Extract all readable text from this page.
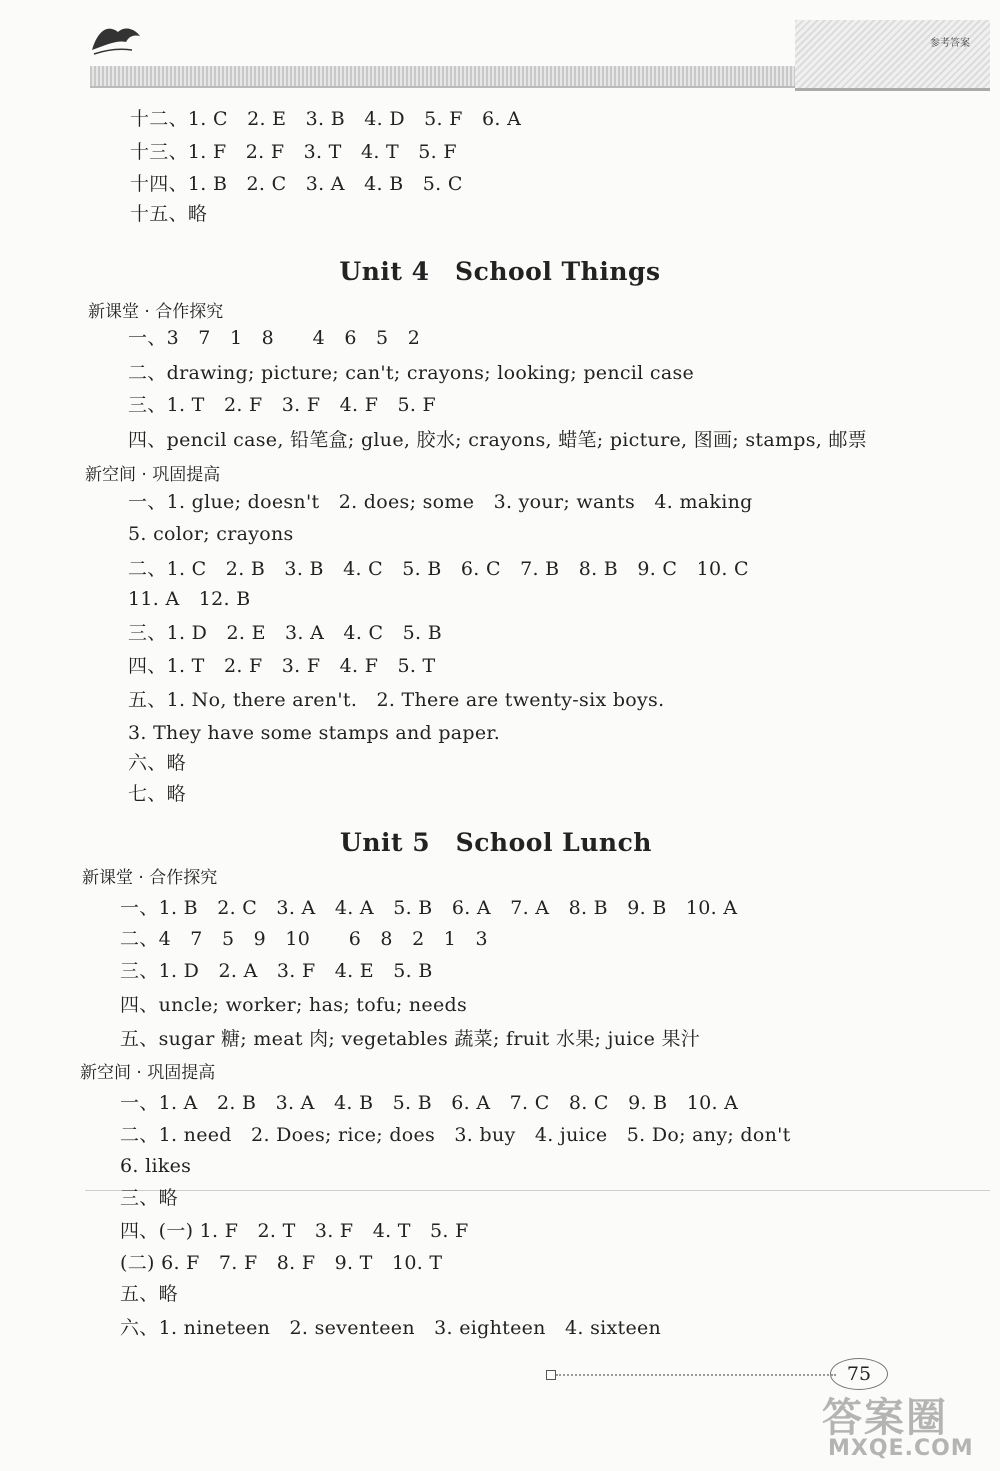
参考答案
十二、1. C　2. E　3. B　4. D　5. F　6. A
十三、1. F　2. F　3. T　4. T　5. F
十四、1. B　2. C　3. A　4. B　5. C
十五、略
Unit 4　School Things
新课堂 · 合作探究
一、3　7　1　8　　4　6　5　2
二、drawing; picture; can't; crayons; looking; pencil case
三、1. T　2. F　3. F　4. F　5. F
四、pencil case, 铅笔盒; glue, 胶水; crayons, 蜡笔; picture, 图画; stamps, 邮票
新空间 · 巩固提高
一、1. glue; doesn't　2. does; some　3. your; wants　4. making
5. color; crayons
二、1. C　2. B　3. B　4. C　5. B　6. C　7. B　8. B　9. C　10. C
11. A　12. B
三、1. D　2. E　3. A　4. C　5. B
四、1. T　2. F　3. F　4. F　5. T
五、1. No, there aren't.　2. There are twenty-six boys.
3. They have some stamps and paper.
六、略
七、略
Unit 5　School Lunch
新课堂 · 合作探究
一、1. B　2. C　3. A　4. A　5. B　6. A　7. A　8. B　9. B　10. A
二、4　7　5　9　10　　6　8　2　1　3
三、1. D　2. A　3. F　4. E　5. B
四、uncle; worker; has; tofu; needs
五、sugar 糖; meat 肉; vegetables 蔬菜; fruit 水果; juice 果汁
新空间 · 巩固提高
一、1. A　2. B　3. A　4. B　5. B　6. A　7. C　8. C　9. B　10. A
二、1. need　2. Does; rice; does　3. buy　4. juice　5. Do; any; don't
6. likes
三、略
四、(一) 1. F　2. T　3. F　4. T　5. F
(二) 6. F　7. F　8. F　9. T　10. T
五、略
六、1. nineteen　2. seventeen　3. eighteen　4. sixteen
75
答案圈
MXQE.COM
